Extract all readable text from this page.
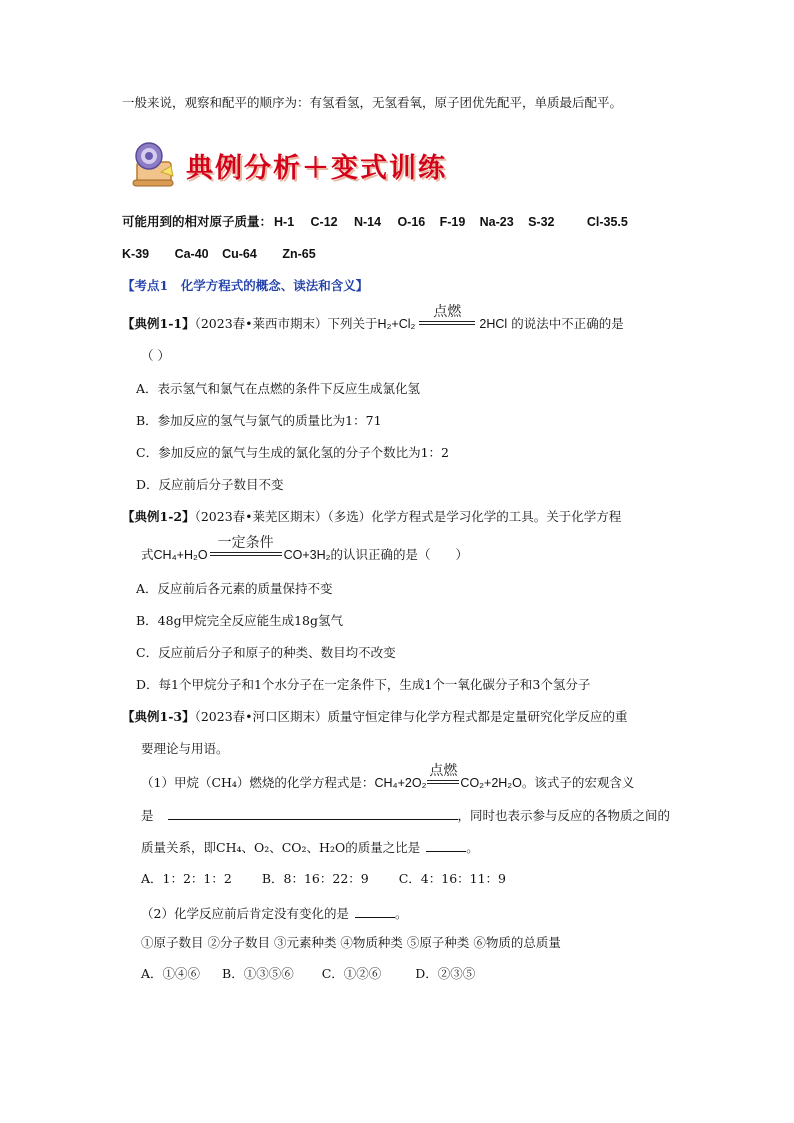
一般来说，观察和配平的顺序为：有氢看氢，无氢看氧，原子团优先配平，单质最后配平。
典例分析＋变式训练
可能用到的相对原子质量： H-1 C-12 N-14 O-16 F-19 Na-23 S-32	Cl-35.5
K-39 Ca-40 Cu-64 Zn-65
【考点1　化学方程式的概念、读法和含义】
【典例1-1】（2023春•莱西市期末）下列关于H₂+Cl₂
点燃
2HCl 的说法中不正确的是
（ ）
A．表示氢气和氯气在点燃的条件下反应生成氯化氢
B．参加反应的氢气与氯气的质量比为1：71
C．参加反应的氯气与生成的氯化氢的分子个数比为1：2
D．反应前后分子数目不变
【典例1-2】（2023春•莱芜区期末）（多选）化学方程式是学习化学的工具。关于化学方程
式CH₄+H₂O
一定条件
CO+3H₂的认识正确的是（　　）
A．反应前后各元素的质量保持不变
B．48g甲烷完全反应能生成18g氢气
C．反应前后分子和原子的种类、数目均不改变
D．每1个甲烷分子和1个水分子在一定条件下，生成1个一氧化碳分子和3个氢分子
【典例1-3】（2023春•河口区期末）质量守恒定律与化学方程式都是定量研究化学反应的重
要理论与用语。
（1）甲烷（CH₄）燃烧的化学方程式是：CH₄+2O₂
点燃
CO₂+2H₂O。该式子的宏观含义
是	，同时也表示参与反应的各物质之间的
质量关系，即CH₄、O₂、CO₂、H₂O的质量之比是	。
A．1：2：1：2 B．8：16：22：9 C．4：16：11：9
（2）化学反应前后肯定没有变化的是	。
①原子数目 ②分子数目 ③元素种类 ④物质种类 ⑤原子种类 ⑥物质的总质量
A．①④⑥ B．①③⑤⑥ C．①②⑥	D．②③⑤
